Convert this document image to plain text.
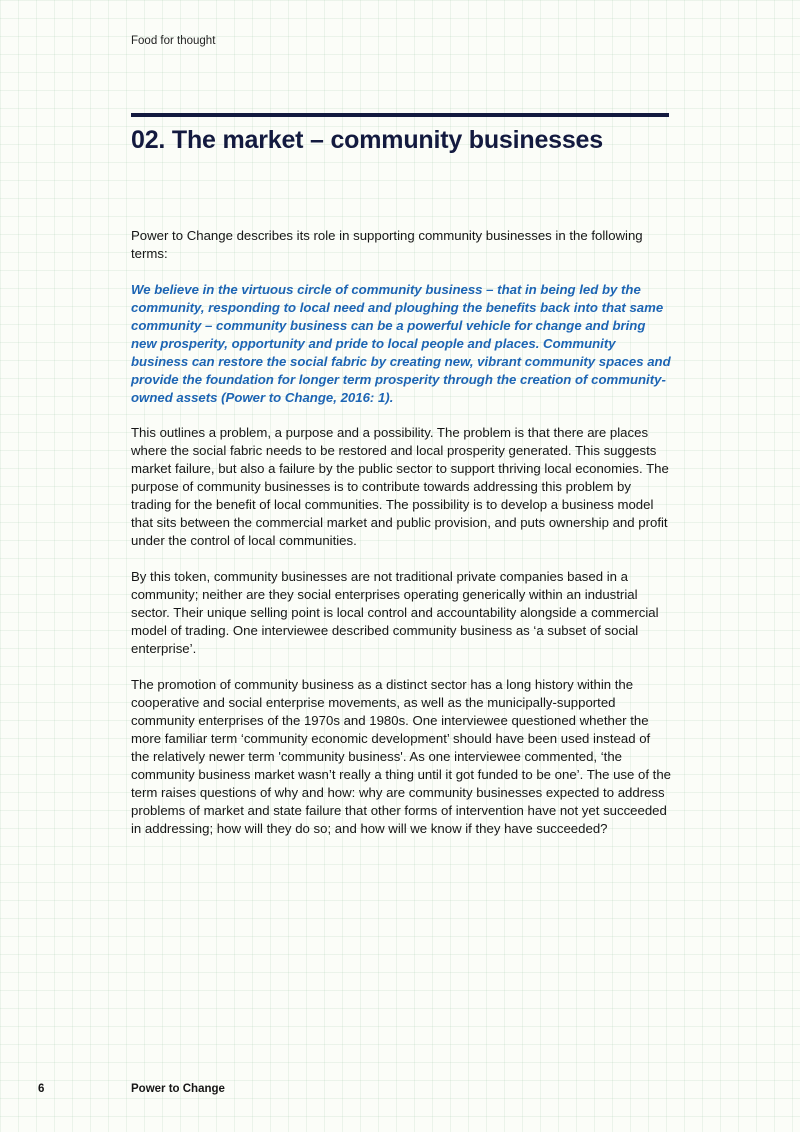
Food for thought
02. The market – community businesses

Power to Change describes its role in supporting community businesses in the following terms:

We believe in the virtuous circle of community business – that in being led by the community, responding to local need and ploughing the benefits back into that same community – community business can be a powerful vehicle for change and bring new prosperity, opportunity and pride to local people and places. Community business can restore the social fabric by creating new, vibrant community spaces and provide the foundation for longer term prosperity through the creation of community-owned assets (Power to Change, 2016: 1).

This outlines a problem, a purpose and a possibility. The problem is that there are places where the social fabric needs to be restored and local prosperity generated. This suggests market failure, but also a failure by the public sector to support thriving local economies. The purpose of community businesses is to contribute towards addressing this problem by trading for the benefit of local communities. The possibility is to develop a business model that sits between the commercial market and public provision, and puts ownership and profit under the control of local communities.

By this token, community businesses are not traditional private companies based in a community; neither are they social enterprises operating generically within an industrial sector. Their unique selling point is local control and accountability alongside a commercial model of trading. One interviewee described community business as ‘a subset of social enterprise’.

The promotion of community business as a distinct sector has a long history within the cooperative and social enterprise movements, as well as the municipally-supported community enterprises of the 1970s and 1980s. One interviewee questioned whether the more familiar term ‘community economic development’ should have been used instead of the relatively newer term 'community business'. As one interviewee commented, ‘the community business market wasn’t really a thing until it got funded to be one’. The use of the term raises questions of why and how: why are community businesses expected to address problems of market and state failure that other forms of intervention have not yet succeeded in addressing; how will they do so; and how will we know if they have succeeded?

6	Power to Change
